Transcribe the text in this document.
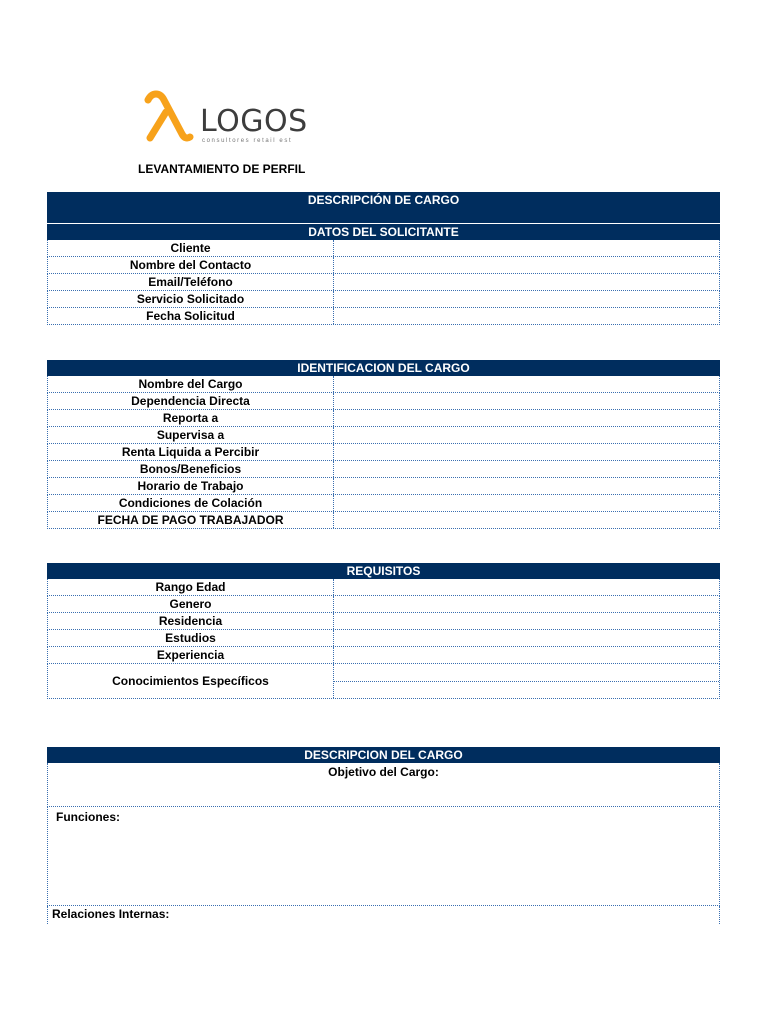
LOGOS
consultores retail est
LEVANTAMIENTO DE PERFIL
DESCRIPCIÓN DE CARGO
DATOS DEL SOLICITANTE
Cliente
Nombre del Contacto
Email/Teléfono
Servicio Solicitado
Fecha Solicitud
IDENTIFICACION DEL CARGO
Nombre del Cargo
Dependencia Directa
Reporta a
Supervisa a
Renta Liquida a Percibir
Bonos/Beneficios
Horario de Trabajo
Condiciones de Colación
FECHA DE PAGO TRABAJADOR
REQUISITOS
Rango Edad
Genero
Residencia
Estudios
Experiencia
Conocimientos Específicos
DESCRIPCION DEL CARGO
Objetivo del Cargo:
Funciones:
Relaciones Internas:
